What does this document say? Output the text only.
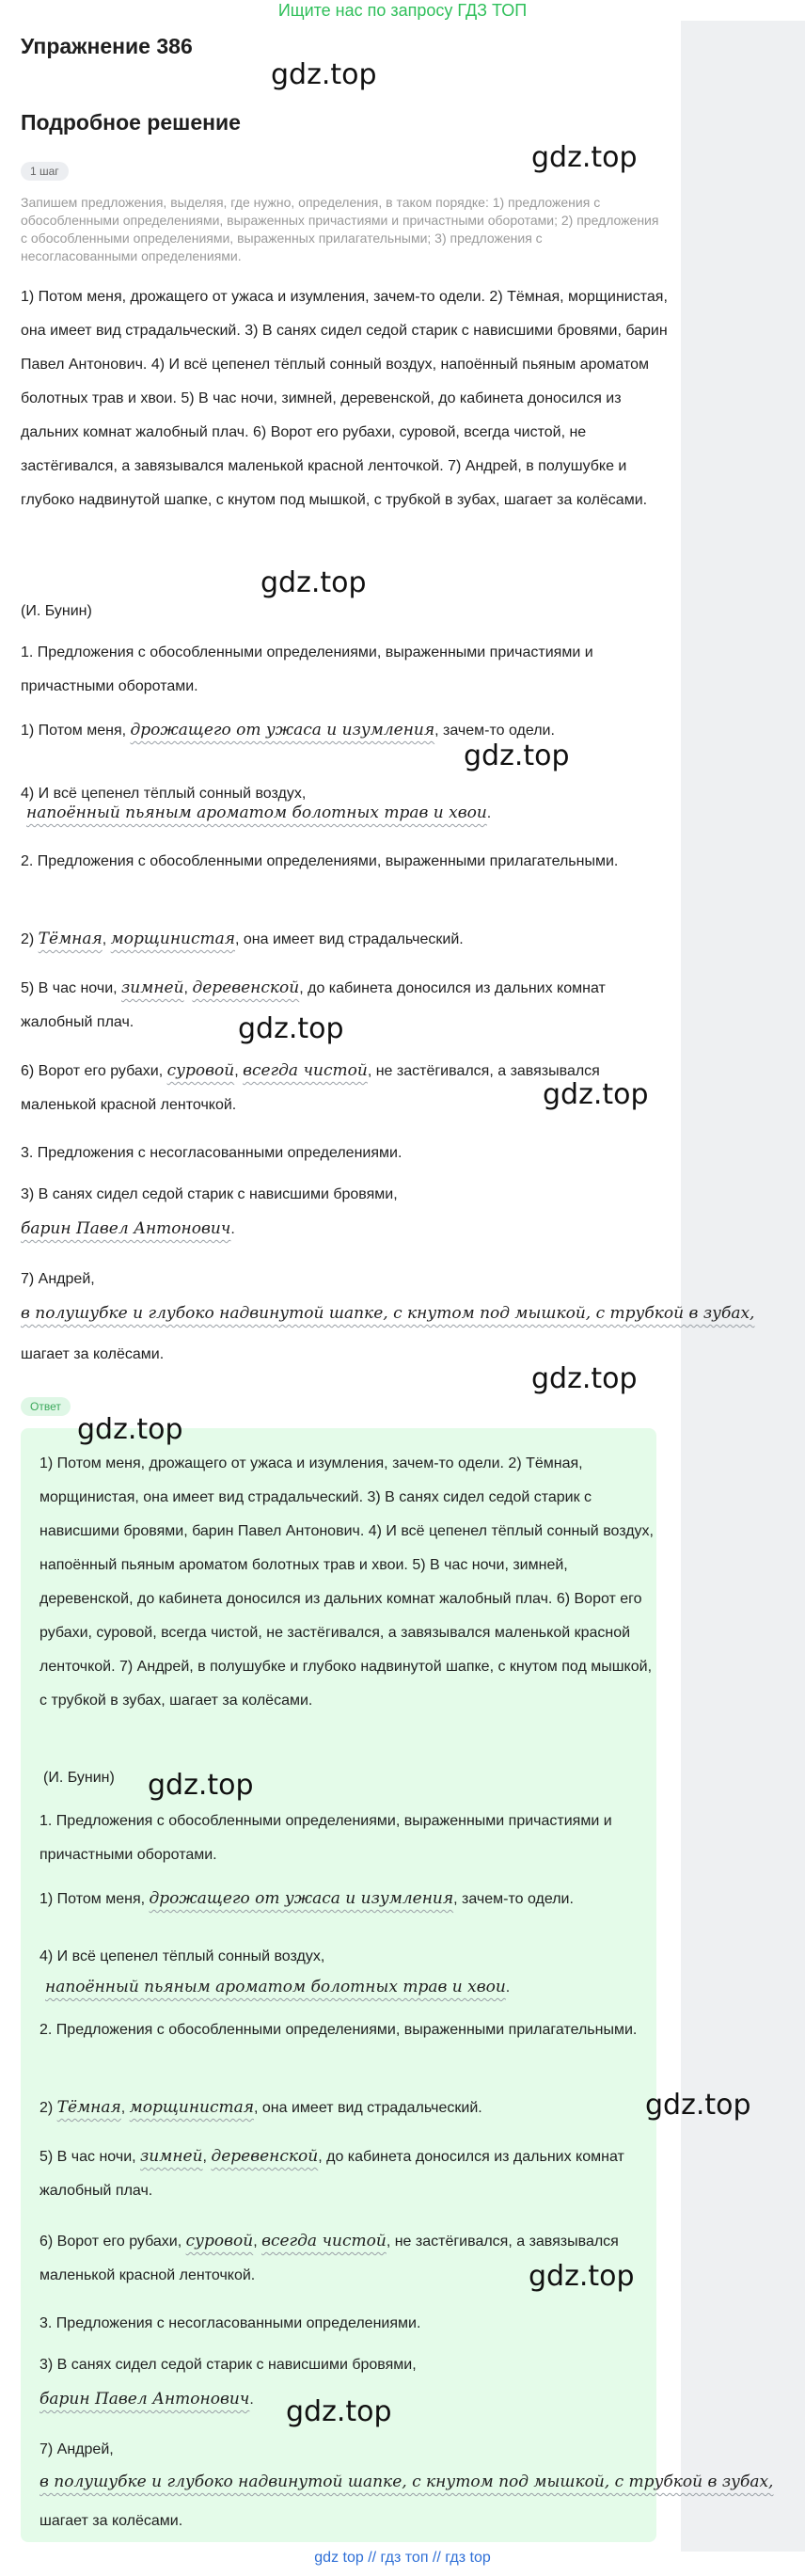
Ищите нас по запросу ГДЗ ТОП
Упражнение 386
Подробное решение
1 шаг
Запишем предложения, выделяя, где нужно, определения, в таком порядке: 1) предложения с обособленными определениями, выраженных причастиями и причастными оборотами; 2) предложения с обособленными определениями, выраженных прилагательными; 3) предложения с несогласованными определениями.

1) Потом меня, дрожащего от ужаса и изумления, зачем-то одели. 2) Тёмная, морщинистая, она имеет вид страдальческий. 3) В санях сидел седой старик с нависшими бровями, барин Павел Антонович. 4) И всё цепенел тёплый сонный воздух, напоённый пьяным ароматом болотных трав и хвои. 5) В час ночи, зимней, деревенской, до кабинета доносился из дальних комнат жалобный плач. 6) Ворот его рубахи, суровой, всегда чистой, не застёгивался, а завязывался маленькой красной ленточкой. 7) Андрей, в полушубке и глубоко надвинутой шапке, с кнутом под мышкой, с трубкой в зубах, шагает за колёсами.

(И. Бунин)

1. Предложения с обособленными определениями, выраженными причастиями и причастными оборотами.

1) Потом меня, дрожащего от ужаса и изумления, зачем-то одели.

4) И всё цепенел тёплый сонный воздух,

напоённый пьяным ароматом болотных трав и хвои.

2. Предложения с обособленными определениями, выраженными прилагательными.

2) Тёмная, морщинистая, она имеет вид страдальческий.

5) В час ночи, зимней, деревенской, до кабинета доносился из дальних комнат жалобный плач.

6) Ворот его рубахи, суровой, всегда чистой, не застёгивался, а завязывался маленькой красной ленточкой.

3. Предложения с несогласованными определениями.

3) В санях сидел седой старик с нависшими бровями,

барин Павел Антонович.

7) Андрей,

в полушубке и глубоко надвинутой шапке, с кнутом под мышкой, с трубкой в зубах,

шагает за колёсами.

Ответ

1) Потом меня, дрожащего от ужаса и изумления, зачем-то одели. 2) Тёмная, морщинистая, она имеет вид страдальческий. 3) В санях сидел седой старик с нависшими бровями, барин Павел Антонович. 4) И всё цепенел тёплый сонный воздух, напоённый пьяным ароматом болотных трав и хвои. 5) В час ночи, зимней, деревенской, до кабинета доносился из дальних комнат жалобный плач. 6) Ворот его рубахи, суровой, всегда чистой, не застёгивался, а завязывался маленькой красной ленточкой. 7) Андрей, в полушубке и глубоко надвинутой шапке, с кнутом под мышкой, с трубкой в зубах, шагает за колёсами.

(И. Бунин)

1. Предложения с обособленными определениями, выраженными причастиями и причастными оборотами.

1) Потом меня, дрожащего от ужаса и изумления, зачем-то одели.

4) И всё цепенел тёплый сонный воздух,

напоённый пьяным ароматом болотных трав и хвои.

2. Предложения с обособленными определениями, выраженными прилагательными.

2) Тёмная, морщинистая, она имеет вид страдальческий.

5) В час ночи, зимней, деревенской, до кабинета доносился из дальних комнат жалобный плач.

6) Ворот его рубахи, суровой, всегда чистой, не застёгивался, а завязывался маленькой красной ленточкой.

3. Предложения с несогласованными определениями.

3) В санях сидел седой старик с нависшими бровями,

барин Павел Антонович.

7) Андрей,

в полушубке и глубоко надвинутой шапке, с кнутом под мышкой, с трубкой в зубах,

шагает за колёсами.

gdz.top
gdz.top
gdz.top
gdz.top
gdz.top
gdz.top
gdz.top
gdz.top
gdz.top
gdz.top
gdz.top
gdz.top
gdz top // гдз топ // гдз top
